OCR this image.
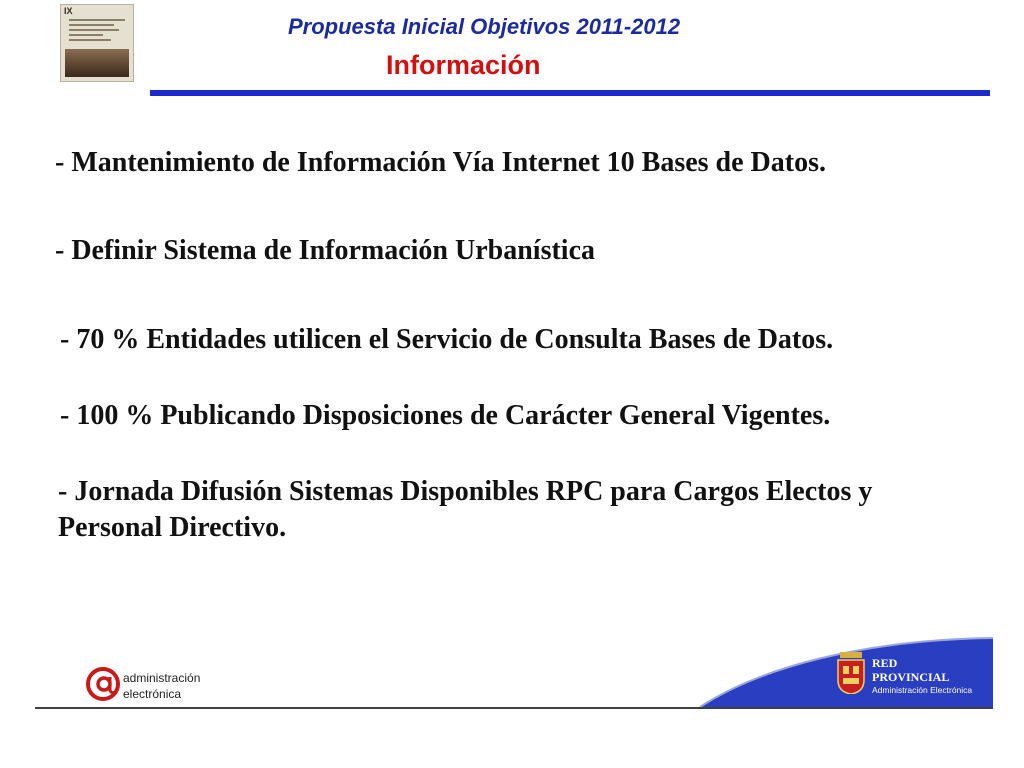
IX
Propuesta Inicial Objetivos 2011-2012
Información
- Mantenimiento de Información Vía Internet 10 Bases de Datos.
- Definir Sistema de Información Urbanística
- 70 % Entidades utilicen el Servicio de Consulta Bases de Datos.
- 100 % Publicando Disposiciones de Carácter General Vigentes.
- Jornada Difusión Sistemas Disponibles RPC para Cargos Electos y Personal Directivo.
administración
electrónica
RED
PROVINCIAL
Administración Electrónica
